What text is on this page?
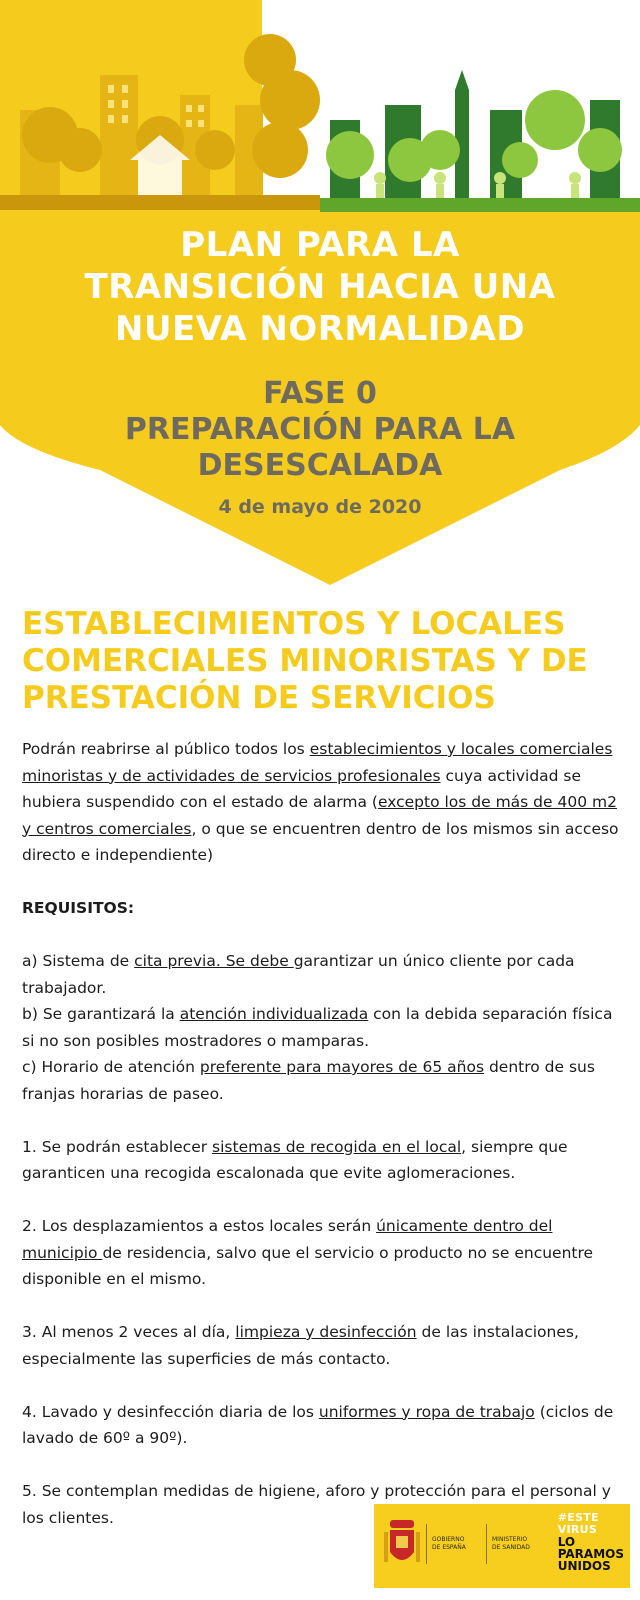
PLAN PARA LA
TRANSICIÓN HACIA UNA
NUEVA NORMALIDAD
FASE 0
PREPARACIÓN PARA LA
DESESCALADA
4 de mayo de 2020
ESTABLECIMIENTOS Y LOCALES
COMERCIALES MINORISTAS Y DE
PRESTACIÓN DE SERVICIOS

Podrán reabrirse al público todos los establecimientos y locales comerciales minoristas y de actividades de servicios profesionales cuya actividad se hubiera suspendido con el estado de alarma (excepto los de más de 400 m2 y centros comerciales, o que se encuentren dentro de los mismos sin acceso directo e independiente)

REQUISITOS:

a) Sistema de cita previa. Se debe garantizar un único cliente por cada trabajador.

b) Se garantizará la atención individualizada con la debida separación física si no son posibles mostradores o mamparas.

c) Horario de atención preferente para mayores de 65 años dentro de sus franjas horarias de paseo.

1. Se podrán establecer sistemas de recogida en el local, siempre que garanticen una recogida escalonada que evite aglomeraciones.

2. Los desplazamientos a estos locales serán únicamente dentro del municipio de residencia, salvo que el servicio o producto no se encuentre disponible en el mismo.

3. Al menos 2 veces al día, limpieza y desinfección de las instalaciones, especialmente las superficies de más contacto.

4. Lavado y desinfección diaria de los uniformes y ropa de trabajo (ciclos de lavado de 60º a 90º).

5. Se contemplan medidas de higiene, aforo y protección para el personal y los clientes.

GOBIERNO
DE ESPAÑA
MINISTERIO
DE SANIDAD
#ESTE
VIRUS
LO
PARAMOS
UNIDOS
